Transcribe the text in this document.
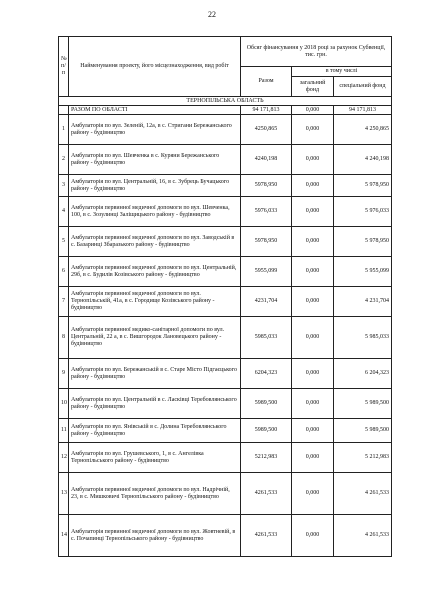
22
№ п/п	Найменування проекту, його місцезнаходження, вид робіт	Обсяг фінансування у 2018 році за рахунок Субвенції, тис. грн.		
		Разом	в тому числі	
			загальний фонд	спеціальний фонд
ТЕРНОПІЛЬСЬКА ОБЛАСТЬ				
	РАЗОМ ПО ОБЛАСТІ	94 171,813	0,000	94 171,813
1	Амбулаторія по вул. Зеленій, 12а, в с. Стригани Бережанського району - будівництво	4250,865	0,000	4 250,865
2	Амбулаторія по вул. Шевченка в с. Куряни Бережанського району - будівництво	4240,198	0,000	4 240,198
3	Амбулаторія по вул. Центральній, 16, в с. Зубрець Бучацького району - будівництво	5978,950	0,000	5 978,950
4	Амбулаторія первинної медичної допомоги по вул. Шевченка, 100, в с. Зозулинці Заліщицького району - будівництво	5976,033	0,000	5 976,033
5	Амбулаторія первинної медичної допомоги по вул. Заводській в с. Базаринці Збаразького району - будівництво	5978,950	0,000	5 978,950
6	Амбулаторія первинної медичної допомоги по вул. Центральній, 29б, в с. Будилів Козівського району - будівництво	5955,099	0,000	5 955,099
7	Амбулаторія первинної медичної допомоги по вул. Тернопільській, 41а, в с. Городище Козівського району - будівництво	4231,704	0,000	4 231,704
8	Амбулаторія первинної медико-санітарної допомоги по вул. Центральній, 22 а, в с. Вишгородок Лановецького району - будівництво	5985,033	0,000	5 985,033
9	Амбулаторія по вул. Бережанській в с. Старе Місто Підгаєцького району - будівництво	6204,323	0,000	6 204,323
10	Амбулаторія по вул. Центральній в с. Ласківці Теребовлянського району - будівництво	5989,500	0,000	5 989,500
11	Амбулаторія по вул. Янівській в с. Долина Теребовлянського району - будівництво	5989,500	0,000	5 989,500
12	Амбулаторія по вул. Грушевського, 1, в с. Ангелівка Тернопільського району - будівництво	5212,983	0,000	5 212,983
13	Амбулаторія первинної медичної допомоги по вул. Надрічній, 23, в с. Мишковичі Тернопільського району - будівництво	4261,533	0,000	4 261,533
14	Амбулаторія первинної медичної допомоги по вул. Жовтневій, в с. Почапинці Тернопільського району - будівництво	4261,533	0,000	4 261,533
